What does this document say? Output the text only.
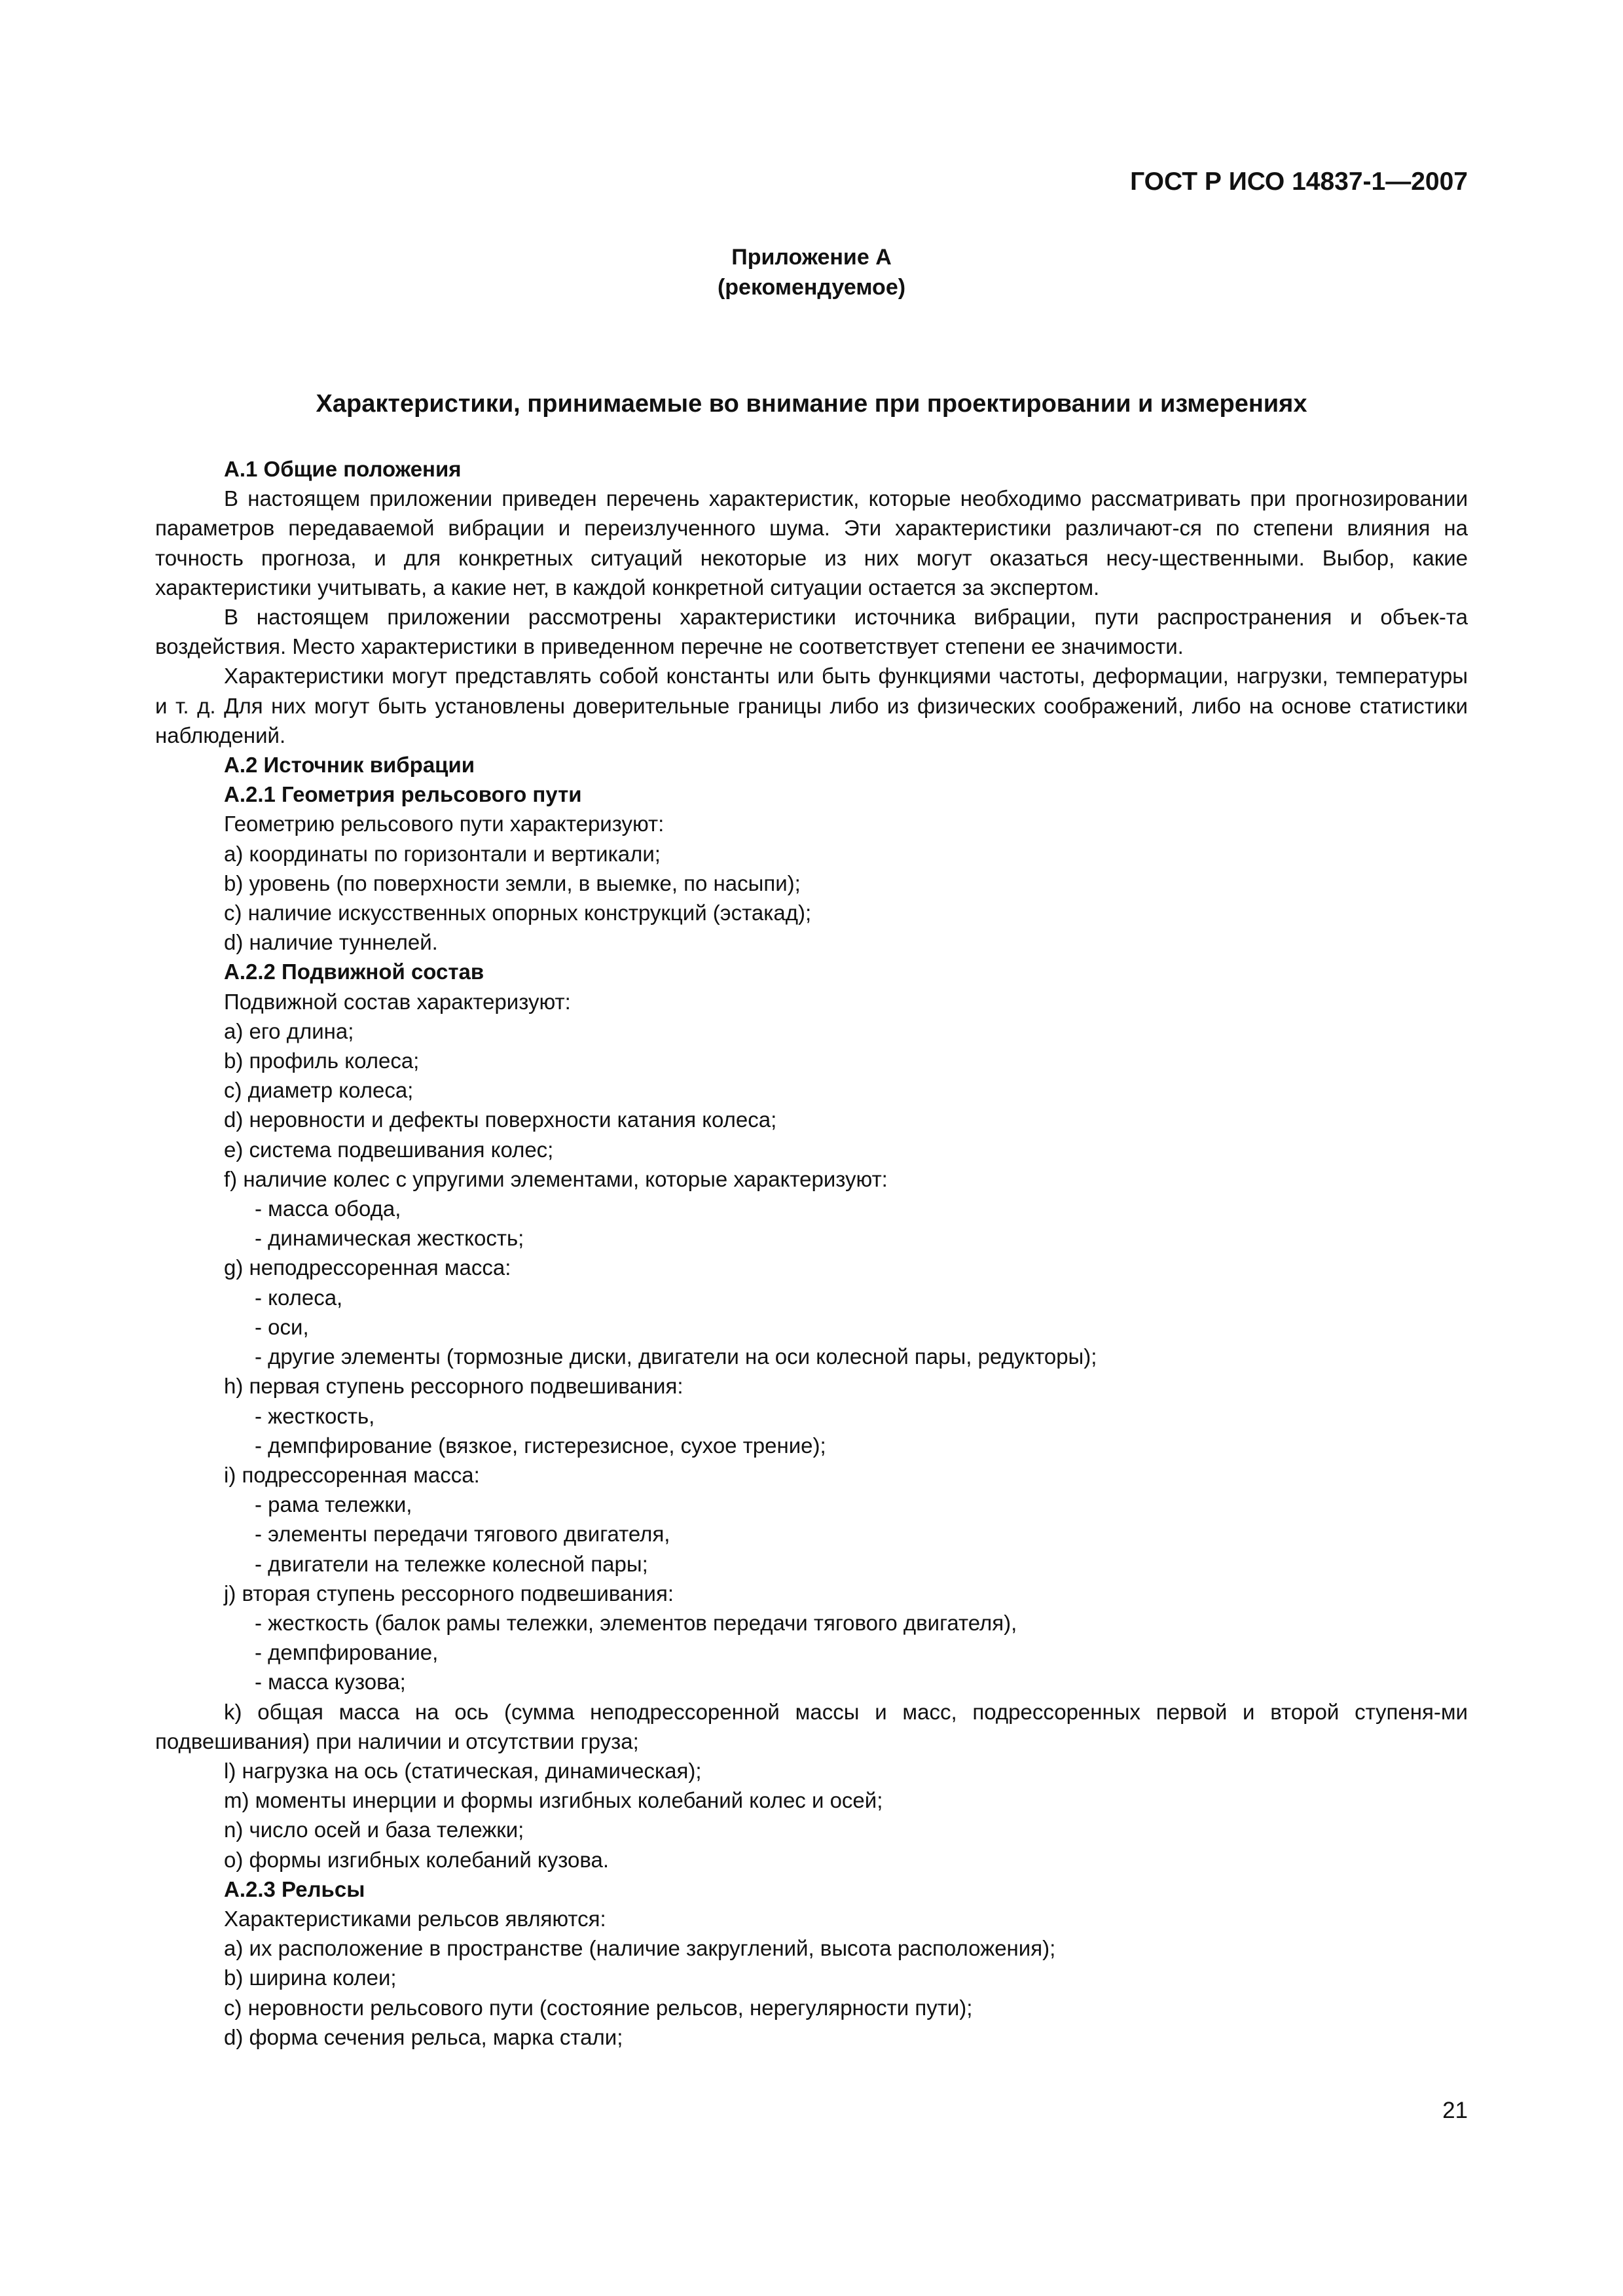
ГОСТ Р ИСО 14837-1—2007
Приложение А
(рекомендуемое)
Характеристики, принимаемые во внимание при проектировании и измерениях

А.1 Общие положения

В настоящем приложении приведен перечень характеристик, которые необходимо рассматривать при прогнозировании параметров передаваемой вибрации и переизлученного шума. Эти характеристики различают-ся по степени влияния на точность прогноза, и для конкретных ситуаций некоторые из них могут оказаться несу-щественными. Выбор, какие характеристики учитывать, а какие нет, в каждой конкретной ситуации остается за экспертом.

В настоящем приложении рассмотрены характеристики источника вибрации, пути распространения и объек-та воздействия. Место характеристики в приведенном перечне не соответствует степени ее значимости.

Характеристики могут представлять собой константы или быть функциями частоты, деформации, нагрузки, температуры и т. д. Для них могут быть установлены доверительные границы либо из физических соображений, либо на основе статистики наблюдений.

А.2 Источник вибрации

А.2.1 Геометрия рельсового пути

Геометрию рельсового пути характеризуют:

а) координаты по горизонтали и вертикали;

b) уровень (по поверхности земли, в выемке, по насыпи);

с) наличие искусственных опорных конструкций (эстакад);

d) наличие туннелей.

А.2.2 Подвижной состав

Подвижной состав характеризуют:

а) его длина;

b) профиль колеса;

с) диаметр колеса;

d) неровности и дефекты поверхности катания колеса;

е) система подвешивания колес;

f) наличие колес с упругими элементами, которые характеризуют:

- масса обода,

- динамическая жесткость;

g) неподрессоренная масса:

- колеса,

- оси,

- другие элементы (тормозные диски, двигатели на оси колесной пары, редукторы);

h) первая ступень рессорного подвешивания:

- жесткость,

- демпфирование (вязкое, гистерезисное, сухое трение);

i) подрессоренная масса:

- рама тележки,

- элементы передачи тягового двигателя,

- двигатели на тележке колесной пары;

j) вторая ступень рессорного подвешивания:

- жесткость (балок рамы тележки, элементов передачи тягового двигателя),

- демпфирование,

- масса кузова;

k) общая масса на ось (сумма неподрессоренной массы и масс, подрессоренных первой и второй ступеня-ми подвешивания) при наличии и отсутствии груза;

l) нагрузка на ось (статическая, динамическая);

m) моменты инерции и формы изгибных колебаний колес и осей;

n) число осей и база тележки;

о) формы изгибных колебаний кузова.

А.2.3 Рельсы

Характеристиками рельсов являются:

а) их расположение в пространстве (наличие закруглений, высота расположения);

b) ширина колеи;

с) неровности рельсового пути (состояние рельсов, нерегулярности пути);

d) форма сечения рельса, марка стали;

21
